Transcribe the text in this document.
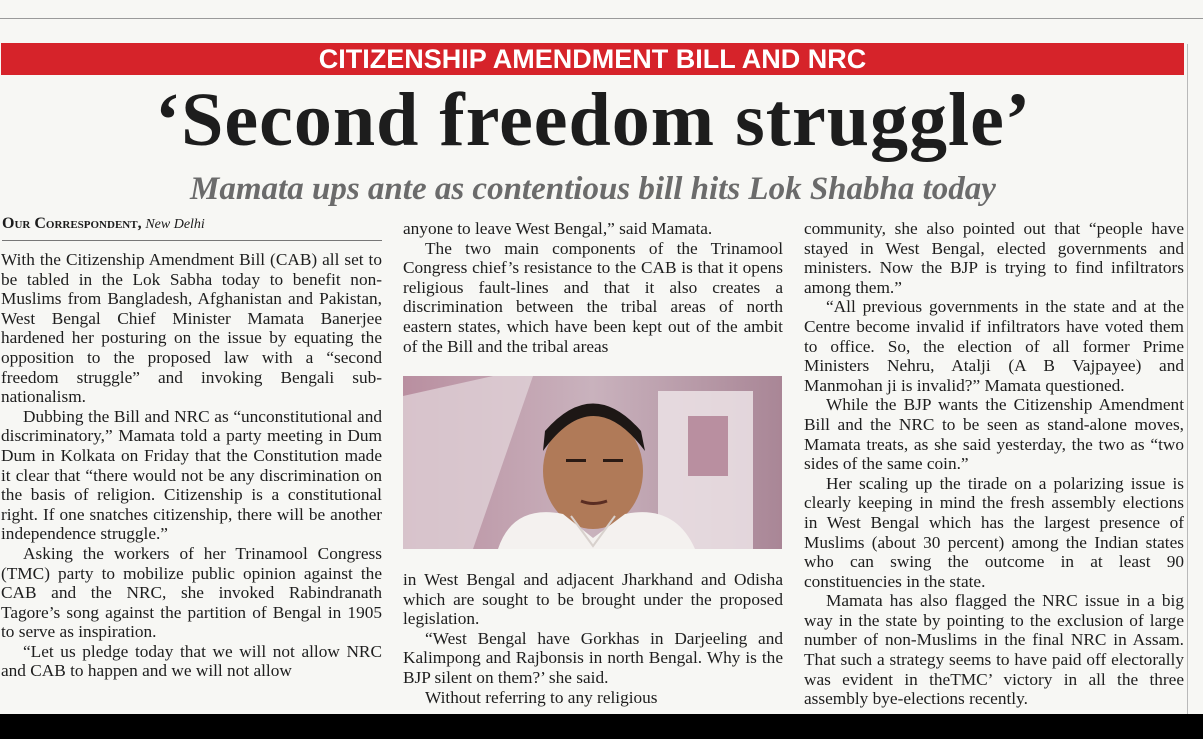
CITIZENSHIP AMENDMENT BILL AND NRC
‘Second freedom struggle’
Mamata ups ante as contentious bill hits Lok Shabha today
Our Correspondent, New Delhi

With the Citizenship Amendment Bill (CAB) all set to be tabled in the Lok Sabha today to benefit non-Muslims from Bangladesh, Afghanistan and Pakistan, West Bengal Chief Minister Mamata Banerjee hardened her posturing on the issue by equating the opposition to the proposed law with a “second freedom struggle” and invoking Bengali sub-nationalism.

Dubbing the Bill and NRC as “unconstitutional and discriminatory,” Mamata told a party meeting in Dum Dum in Kolkata on Friday that the Constitution made it clear that “there would not be any discrimination on the basis of religion. Citizenship is a constitutional right. If one snatches citizenship, there will be another independence struggle.”

Asking the workers of her Trinamool Congress (TMC) party to mobilize public opinion against the CAB and the NRC, she invoked Rabindranath Tagore’s song against the partition of Bengal in 1905 to serve as inspiration.

“Let us pledge today that we will not allow NRC and CAB to happen and we will not allow

anyone to leave West Bengal,” said Mamata.

The two main components of the Trinamool Congress chief’s resistance to the CAB is that it opens religious fault-lines and that it also creates a discrimination between the tribal areas of north eastern states, which have been kept out of the ambit of the Bill and the tribal areas

in West Bengal and adjacent Jharkhand and Odisha which are sought to be brought under the proposed legislation.

“West Bengal have Gorkhas in Darjeeling and Kalimpong and Rajbonsis in north Bengal. Why is the BJP silent on them?’ she said.

Without referring to any religious

community, she also pointed out that “people have stayed in West Bengal, elected governments and ministers. Now the BJP is trying to find infiltrators among them.”

“All previous governments in the state and at the Centre become invalid if infiltrators have voted them to office. So, the election of all former Prime Ministers Nehru, Atalji (A B Vajpayee) and Manmohan ji is invalid?” Mamata questioned.

While the BJP wants the Citizenship Amendment Bill and the NRC to be seen as stand-alone moves, Mamata treats, as she said yesterday, the two as “two sides of the same coin.”

Her scaling up the tirade on a polarizing issue is clearly keeping in mind the fresh assembly elections in West Bengal which has the largest presence of Muslims (about 30 percent) among the Indian states who can swing the outcome in at least 90 constituencies in the state.

Mamata has also flagged the NRC issue in a big way in the state by pointing to the exclusion of large number of non-Muslims in the final NRC in Assam. That such a strategy seems to have paid off electorally was evident in theTMC’ victory in all the three assembly bye-elections recently.
